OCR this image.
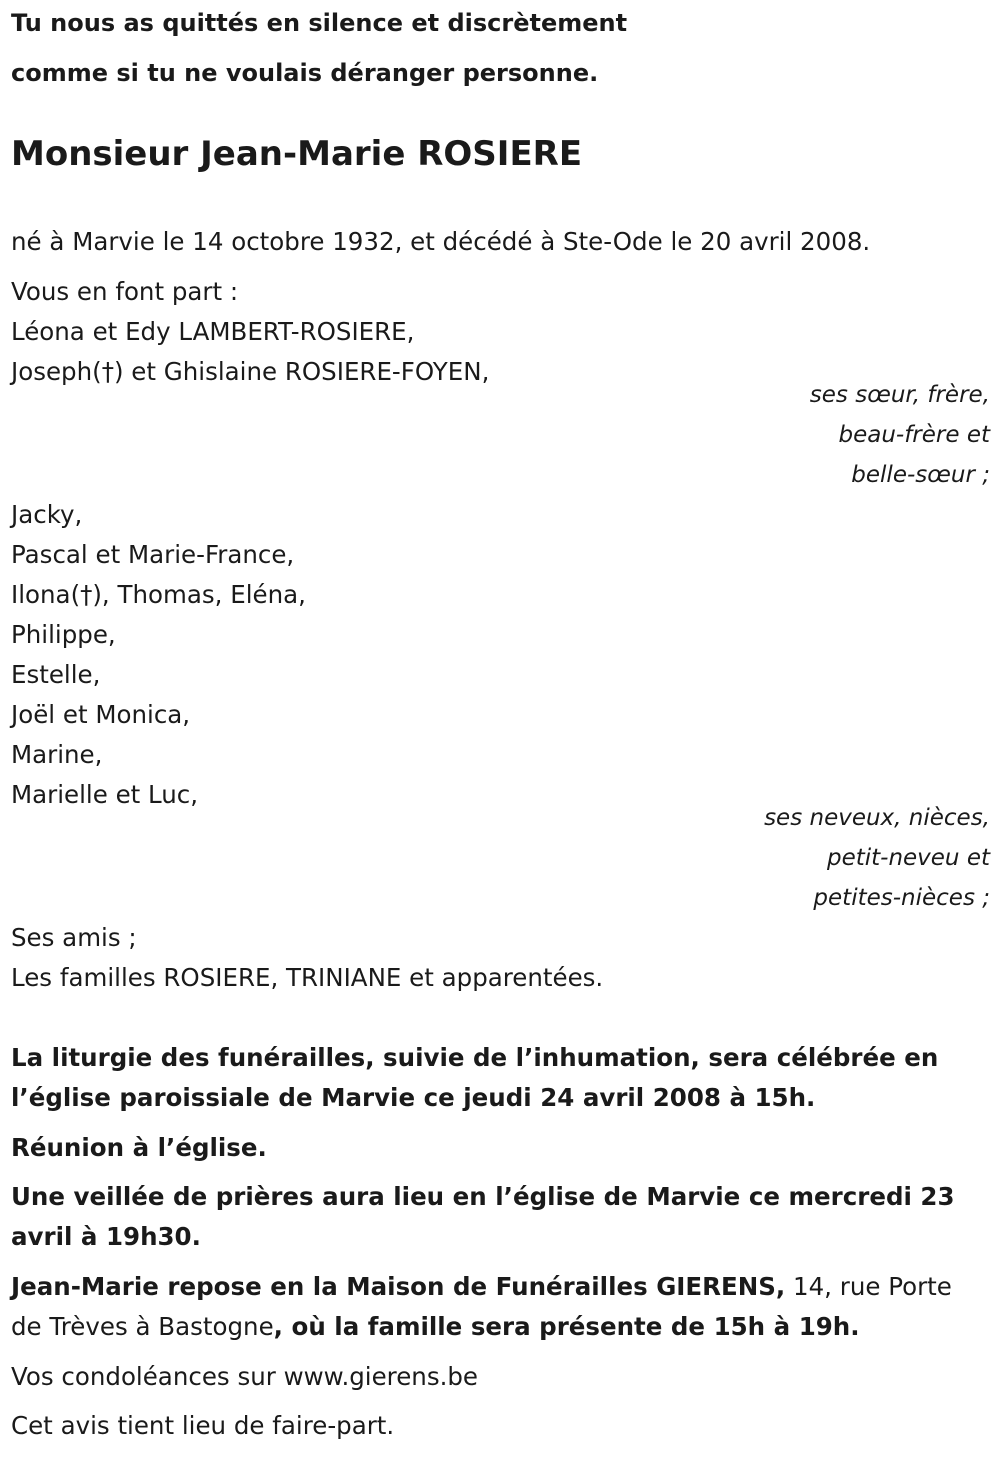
Tu nous as quittés en silence et discrètement
comme si tu ne voulais déranger personne.
Monsieur Jean-Marie ROSIERE
né à Marvie le 14 octobre 1932, et décédé à Ste-Ode le 20 avril 2008.
Vous en font part :
Léona et Edy LAMBERT-ROSIERE,
Joseph(†) et Ghislaine ROSIERE-FOYEN,
ses sœur, frère,
beau-frère et
belle-sœur ;
Jacky,
Pascal et Marie-France,
Ilona(†), Thomas, Eléna,
Philippe,
Estelle,
Joël et Monica,
Marine,
Marielle et Luc,
ses neveux, nièces,
petit-neveu et
petites-nièces ;
Ses amis ;
Les familles ROSIERE, TRINIANE et apparentées.
La liturgie des funérailles, suivie de l’inhumation, sera célébrée en
l’église paroissiale de Marvie ce jeudi 24 avril 2008 à 15h.
Réunion à l’église.
Une veillée de prières aura lieu en l’église de Marvie ce mercredi 23
avril à 19h30.
Jean-Marie repose en la Maison de Funérailles GIERENS, 14, rue Porte
de Trèves à Bastogne, où la famille sera présente de 15h à 19h.
Vos condoléances sur www.gierens.be
Cet avis tient lieu de faire-part.
